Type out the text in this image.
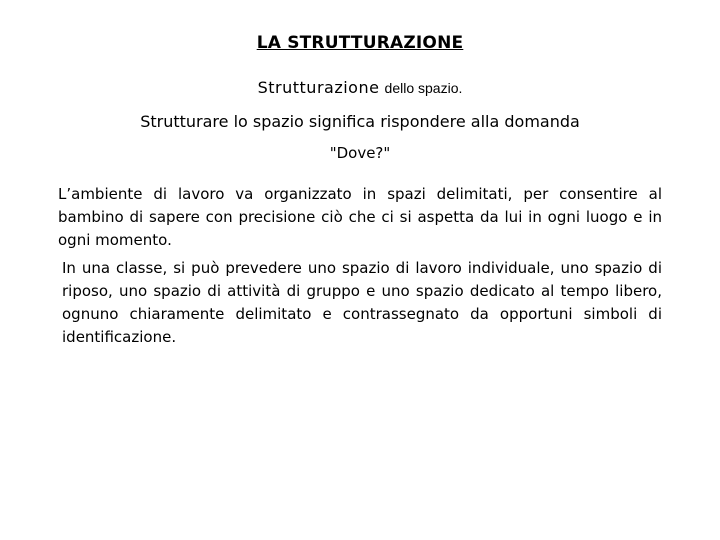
LA STRUTTURAZIONE
Strutturazione dello spazio.
Strutturare lo spazio significa rispondere alla domanda
"Dove?"
L’ambiente di lavoro va organizzato in spazi delimitati, per consentire al bambino di sapere con precisione ciò che ci si aspetta da lui in ogni luogo e in ogni momento.
In una classe, si può prevedere uno spazio di lavoro individuale, uno spazio di riposo, uno spazio di attività di gruppo e uno spazio dedicato al tempo libero, ognuno chiaramente delimitato e contrassegnato da opportuni simboli di identificazione.
